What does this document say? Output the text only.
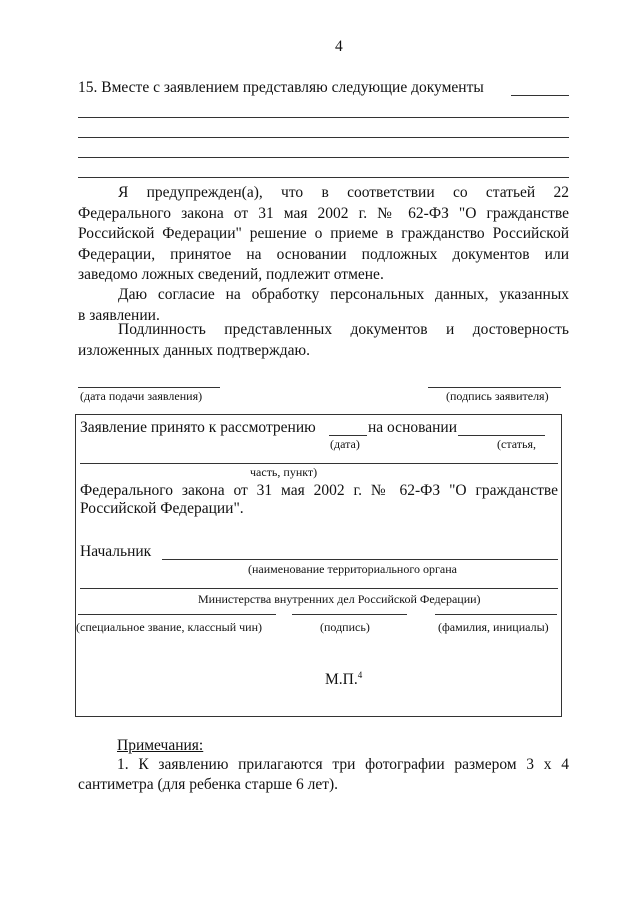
4
15. Вместе с заявлением представляю следующие документы
Я предупрежден(а), что в соответствии со статьей 22
Федерального закона от 31 мая 2002 г. № 62-ФЗ "О гражданстве
Российской Федерации" решение о приеме в гражданство Российской
Федерации, принятое на основании подложных документов или
заведомо ложных сведений, подлежит отмене.
Даю согласие на обработку персональных данных, указанных
в заявлении.
Подлинность представленных документов и достоверность
изложенных данных подтверждаю.
(дата подачи заявления)	(подпись заявителя)
Заявление принято к рассмотрению	на основании
(дата)	(статья,
часть, пункт)
Федерального закона от 31 мая 2002 г. № 62-ФЗ "О гражданстве
Российской Федерации".
Начальник
(наименование территориального органа
Министерства внутренних дел Российской Федерации)
(специальное звание, классный чин)	(подпись)	(фамилия, инициалы)
М.П.$^4$
Примечания:
1. К заявлению прилагаются три фотографии размером 3 х 4
сантиметра (для ребенка старше 6 лет).
